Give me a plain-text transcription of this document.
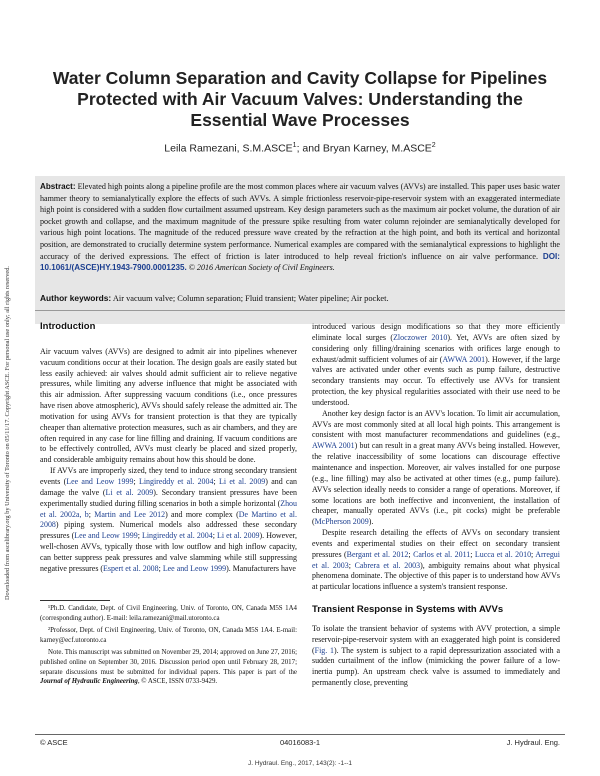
Downloaded from ascelibrary.org by University of Toronto on 05/11/17. Copyright ASCE. For personal use only; all rights reserved.
Water Column Separation and Cavity Collapse for Pipelines Protected with Air Vacuum Valves: Understanding the Essential Wave Processes
Leila Ramezani, S.M.ASCE$^1$; and Bryan Karney, M.ASCE$^2$
Abstract: Elevated high points along a pipeline profile are the most common places where air vacuum valves (AVVs) are installed. This paper uses basic water hammer theory to semianalytically explore the effects of such AVVs. A simple frictionless reservoir-pipe-reservoir system with an exaggerated intermediate high point is considered with a sudden flow curtailment assumed upstream. Key design parameters such as the maximum air pocket volume, the duration of air pocket growth and collapse, and the maximum magnitude of the pressure spike resulting from water column rejoinder are semianalytically developed for various high point locations. The magnitude of the reduced pressure wave created by the refraction at the high point, and both its vertical and horizontal position, are demonstrated to crucially determine system performance. Numerical examples are compared with the semianalytical expressions to highlight the accuracy of the derived expressions. The effect of friction is later introduced to help reveal friction's influence on air valve performance. DOI: 10.1061/(ASCE)HY.1943-7900.0001235. © 2016 American Society of Civil Engineers.
Author keywords: Air vacuum valve; Column separation; Fluid transient; Water pipeline; Air pocket.
Introduction

Air vacuum valves (AVVs) are designed to admit air into pipelines whenever vacuum conditions occur at their location. The design goals are easily stated but less easily achieved: air valves should admit sufficient air to relieve negative pressures, while limiting any adverse influence that might be associated with this air admission. After suppressing vacuum conditions (i.e., once pressures have risen above atmospheric), AVVs should safely release the admitted air. The motivation for using AVVs for transient protection is that they are typically cheaper than alternative protection measures, such as air chambers, and they are often required in any case for line filling and draining. If vacuum conditions are to be effectively controlled, AVVs must clearly be placed and sized properly, and considerable ambiguity remains about how this should be done.

If AVVs are improperly sized, they tend to induce strong secondary transient events (Lee and Leow 1999; Lingireddy et al. 2004; Li et al. 2009) and can damage the valve (Li et al. 2009). Secondary transient pressures have been experimentally studied during filling scenarios in both a simple horizontal (Zhou et al. 2002a, b; Martin and Lee 2012) and more complex (De Martino et al. 2008) piping system. Numerical models also addressed these secondary pressures (Lee and Leow 1999; Lingireddy et al. 2004; Li et al. 2009). However, well-chosen AVVs, typically those with low outflow and high inflow capacity, can better suppress peak pressures and valve slamming while still suppressing negative pressures (Espert et al. 2008; Lee and Leow 1999). Manufacturers have

¹Ph.D. Candidate, Dept. of Civil Engineering, Univ. of Toronto, ON, Canada M5S 1A4 (corresponding author). E-mail: leila.ramezani@mail.utoronto.ca

²Professor, Dept. of Civil Engineering, Univ. of Toronto, ON, Canada M5S 1A4. E-mail: karney@ecf.utoronto.ca

Note. This manuscript was submitted on November 29, 2014; approved on June 27, 2016; published online on September 30, 2016. Discussion period open until February 28, 2017; separate discussions must be submitted for individual papers. This paper is part of the Journal of Hydraulic Engineering, © ASCE, ISSN 0733-9429.

introduced various design modifications so that they more efficiently eliminate local surges (Zloczower 2010). Yet, AVVs are often sized by considering only filling/draining scenarios with orifices large enough to exhaust/admit sufficient volumes of air (AWWA 2001). However, if the large valves are activated under other events such as pump failure, destructive secondary transients may occur. To effectively use AVVs for transient protection, the key physical regularities associated with their use need to be understood.

Another key design factor is an AVV's location. To limit air accumulation, AVVs are most commonly sited at all local high points. This arrangement is consistent with most manufacturer recommendations and guidelines (e.g., AWWA 2001) but can result in a great many AVVs being installed. However, the relative inaccessibility of some locations can discourage effective maintenance and inspection. Moreover, air valves installed for one purpose (e.g., line filling) may also be activated at other times (e.g., pump failure). AVVs selection ideally needs to consider a range of operations. Moreover, if some locations are both ineffective and inconvenient, the installation of cheaper, manually operated AVVs (i.e., pit cocks) might be preferable (McPherson 2009).

Despite research detailing the effects of AVVs on secondary transient events and experimental studies on their effect on secondary transient pressures (Bergant et al. 2012; Carlos et al. 2011; Lucca et al. 2010; Arregui et al. 2003; Cabrera et al. 2003), ambiguity remains about what physical phenomena dominate. The objective of this paper is to understand how AVVs at particular locations influence a system's transient response.

Transient Response in Systems with AVVs

To isolate the transient behavior of systems with AVV protection, a simple reservoir-pipe-reservoir system with an exaggerated high point is considered (Fig. 1). The system is subject to a rapid depressurization associated with a sudden curtailment of the inflow (mimicking the power failure of a low-inertia pump). An upstream check valve is assumed to immediately and permanently close, preventing

© ASCE	04016083-1	J. Hydraul. Eng.
J. Hydraul. Eng., 2017, 143(2): -1--1
